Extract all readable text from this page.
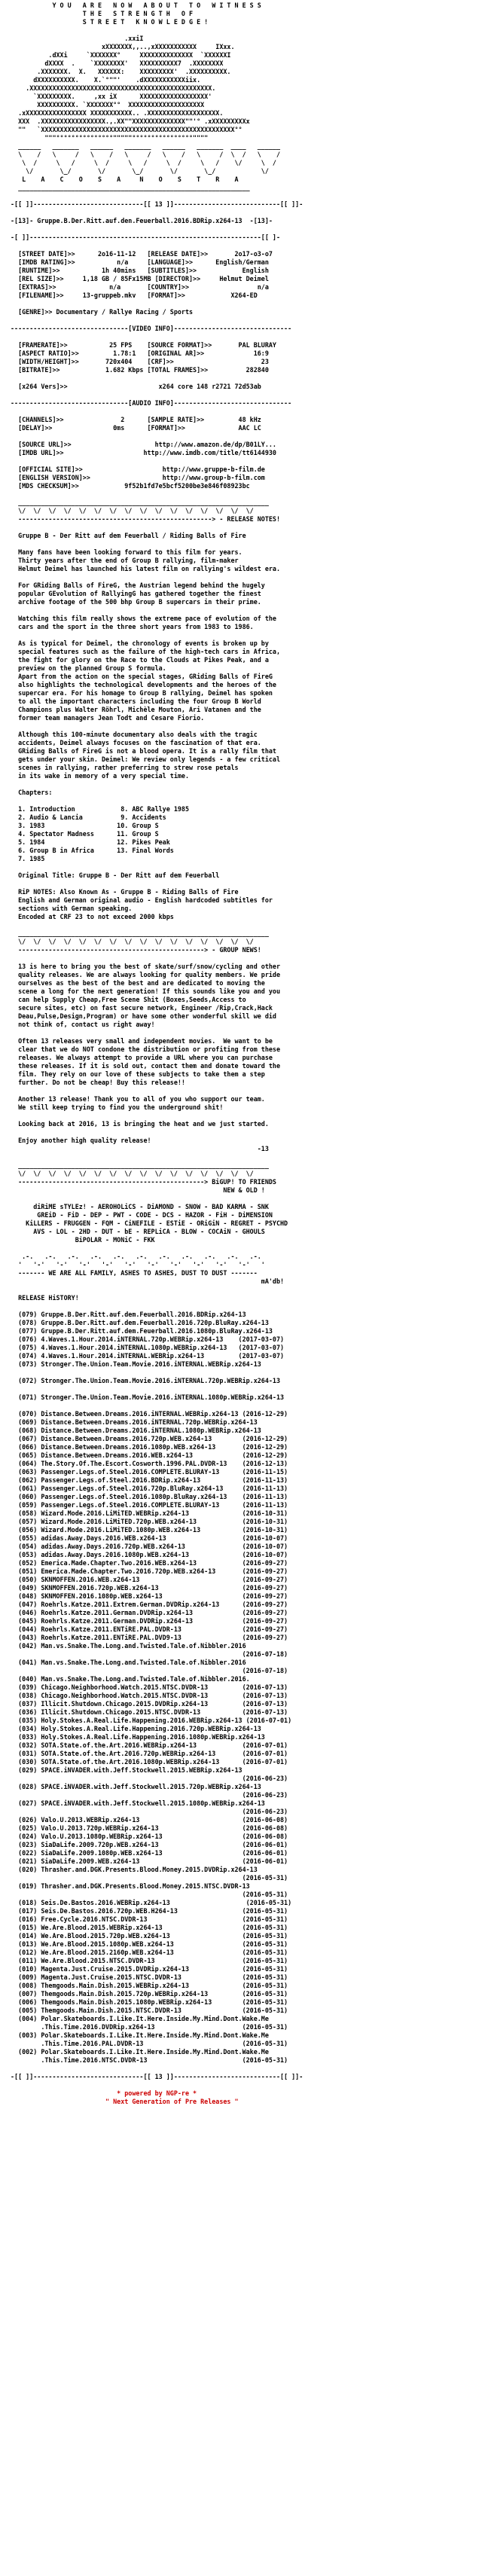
Y O U   A R E   N O W   A B O U T   T O   W I T N E S S
T H E   S T R E N G T H   O F
S T R E E T   K N O W L E D G E !
.xxiI
xXXXXXXX,,..,xXXXXXXXXXXX     IXxx.
.dXXi     `XXXXXXX°     XXXXXXXXXXXXXX  `XXXXXXI
dXXXX  .    `XXXXXXXX'   XXXXXXXXXX7  .XXXXXXXX
.XXXXXXX.  X.   XXXXXX:    XXXXXXXXX'  .XXXXXXXXXX.
dXXXXXXXXXX.    X.`°""'    .dXXXXXXXXXXXiix.
.XXXXXXXXXXXXXXXXXXXXXXXXXXXXXXXXXXXXXXXXXXXXXXXX.
`XXXXXXXXX.     ,xx iX      XXXXXXXXXXXXXXXXXX'
XXXXXXXXXX. `XXXXXXX°°  XXXXXXXXXXXXXXXXXXXX
.xXXXXXXXXXXXXXXXX XXXXXXXXXXX.. .XXXXXXXXXXXXXXXXXXX.
XXX  .XXXXXXXXXXXXXXXXX.,.XX""XXXXXXXXXXXXXX""'° .xXXXXXXXXXx
""   `XXXXXXXXXXXXXXXXXXXXXXXXXXXXXXXXXXXXXXXXXXXXXXXXXXX°°
"""°°°°°°°°°°°°°°°"""""°°°°°°°°°°°°°°°°""""
______   _______   ______   _______   ______   _______  ____   ______
\    /   \     /   \    /   \     /   \    /   \     /  \  /   \    /
\  /     \   /     \  /     \   /     \  /     \   /    \/     \  /
\/       \_/       \/       \_/       \/       \_/            \/
L    A    C    O    S    A     N    O    S    T    R    A
_____________________________________________________________
-[[ ]]-----------------------------[[ 13 ]]----------------------------[[ ]]-
-[13]- Gruppe.B.Der.Ritt.auf.den.Feuerball.2016.BDRip.x264-13  -[13]-
-[ ]]-------------------------------------------------------------[[ ]-
[STREET DATE]>>      2o16-11-12   [RELEASE DATE]>>       2o17-o3-o7
[IMDB RATING]>>           n/a     [LANGUAGE]>>      English/German
[RUNTIME]>>           1h 40mins   [SUBTITLES]>>            English
[REL SIZE]>>     1,18 GB / 85Fx15MB [DIRECTOR]>>     Helmut Deimel
[EXTRAS]>>              n/a       [COUNTRY]>>                  n/a
[FILENAME]>>     13-gruppeb.mkv   [FORMAT]>>            X264-ED
[GENRE]>> Documentary / Rallye Racing / Sports
-------------------------------[VIDEO INFO]-------------------------------
[FRAMERATE]>>           25 FPS    [SOURCE FORMAT]>>       PAL BLURAY
[ASPECT RATIO]>>         1.78:1   [ORIGINAL AR]>>             16:9
[WIDTH/HEIGHT]>>       720x404    [CRF]>>                       23
[BITRATE]>>            1.682 Kbps [TOTAL FRAMES]>>          282840
[x264 Vers]>>                        x264 core 148 r2721 72d53ab
-------------------------------[AUDIO INFO]-------------------------------
[CHANNELS]>>               2      [SAMPLE RATE]>>         48 kHz
[DELAY]>>                0ms      [FORMAT]>>              AAC LC
[SOURCE URL]>>                      http://www.amazon.de/dp/B01LY...
[IMDB URL]>>                     http://www.imdb.com/title/tt6144930
[OFFICIAL SITE]>>                     http://www.gruppe-b-film.de
[ENGLISH VERSION]>>                   http://www.group-b-film.com
[MDS CHECKSUM]>>            9f52b1fd7e5bcf5200be3e846f08923bc
__________________________________________________________________
\/  \/  \/  \/  \/  \/  \/  \/  \/  \/  \/  \/  \/  \/  \/  \/
---------------------------------------------------> - RELEASE NOTES!
Gruppe B - Der Ritt auf dem Feuerball / Riding Balls of Fire
Many fans have been looking forward to this film for years.
Thirty years after the end of Group B rallying, film-maker
Helmut Deimel has launched his latest film on rallying's wildest era.
For GRiding Balls of FireG, the Austrian legend behind the hugely
popular GEvolution of RallyingG has gathered together the finest
archive footage of the 500 bhp Group B supercars in their prime.
Watching this film really shows the extreme pace of evolution of the
cars and the sport in the three short years from 1983 to 1986.
As is typical for Deimel, the chronology of events is broken up by
special features such as the failure of the high-tech cars in Africa,
the fight for glory on the Race to the Clouds at Pikes Peak, and a
preview on the planned Group S formula.
Apart from the action on the special stages, GRiding Balls of FireG
also highlights the technological developments and the heroes of the
supercar era. For his homage to Group B rallying, Deimel has spoken
to all the important characters including the four Group B World
Champions plus Walter Röhrl, Michèle Mouton, Ari Vatanen and the
former team managers Jean Todt and Cesare Fiorio.
Although this 100-minute documentary also deals with the tragic
accidents, Deimel always focuses on the fascination of that era.
GRiding Balls of FireG is not a blood opera. It is a rally film that
gets under your skin. Deimel: We review only legends - a few critical
scenes in rallying, rather preferring to strew rose petals
in its wake in memory of a very special time.
Chapters:
1. Introduction            8. ABC Rallye 1985
2. Audio & Lancia          9. Accidents
3. 1983                   10. Group S
4. Spectator Madness      11. Group S
5. 1984                   12. Pikes Peak
6. Group B in Africa      13. Final Words
7. 1985
Original Title: Gruppe B - Der Ritt auf dem Feuerball
RiP NOTES: Also Known As - Gruppe B - Riding Balls of Fire
English and German original audio - English hardcoded subtitles for
sections with German speaking.
Encoded at CRF 23 to not exceed 2000 kbps
__________________________________________________________________
\/  \/  \/  \/  \/  \/  \/  \/  \/  \/  \/  \/  \/  \/  \/  \/
-------------------------------------------------> - GROUP NEWS!
13 is here to bring you the best of skate/surf/snow/cycling and other
quality releases. We are always looking for quality members. We pride
ourselves as the best of the best and are dedicated to moving the
scene a long for the next generation! If this sounds like you and you
can help Supply Cheap,Free Scene Shit (Boxes,Seeds,Access to
secure sites, etc) on fast secure network, Engineer /Rip,Crack,Hack
Deau,Pulse,Design,Program) or have some other wonderful skill we did
not think of, contact us right away!
Often 13 releases very small and independent movies.  We want to be
clear that we do NOT condone the distribution or profiting from these
releases. We always attempt to provide a URL where you can purchase
these releases. If it is sold out, contact them and donate toward the
film. They rely on our love of these subjects to take them a step
further. Do not be cheap! Buy this release!!
Another 13 release! Thank you to all of you who support our team.
We still keep trying to find you the underground shit!
Looking back at 2016, 13 is bringing the heat and we just started.
Enjoy another high quality release!
-13
__________________________________________________________________
\/  \/  \/  \/  \/  \/  \/  \/  \/  \/  \/  \/  \/  \/  \/  \/
-------------------------------------------------> BiGUP! TO FRIENDS
NEW & OLD !
diRiME sTYLEz! - AEROHOLiCS - DiAMOND - SNOW - BAD KARMA - SNK
GREiD - FiD - DEP - PWT - CODE - DCS - HAZOR - FiH - DiMENSION
KiLLERS - FRUGGEN - FQM - CiNEFILE - ESTiE - ORiGiN - REGRET - PSYCHD
AVS - LOL - 2HD - DUT - bE - REPLiCA - BLOW - COCAiN - GHOULS
BiPOLAR - MONiC - FKK
.-.   .-.   .-.   .-.   .-.   .-.   .-.   .-.   .-.   .-.   .-.
'   '-'   '-'   '-'   '-'   '-'   '-'   '-'   '-'   '-'   '-'   '
------- WE ARE ALL FAMILY, ASHES TO ASHES, DUST TO DUST -------
mA'db!
RELEASE HiSTORY!
(079) Gruppe.B.Der.Ritt.auf.dem.Feuerball.2016.BDRip.x264-13
(078) Gruppe.B.Der.Ritt.auf.dem.Feuerball.2016.720p.BluRay.x264-13
(077) Gruppe.B.Der.Ritt.auf.dem.Feuerball.2016.1080p.BluRay.x264-13
(076) 4.Waves.1.Hour.2014.iNTERNAL.720p.WEBRip.x264-13    (2017-03-07)
(075) 4.Waves.1.Hour.2014.iNTERNAL.1080p.WEBRip.x264-13   (2017-03-07)
(074) 4.Waves.1.Hour.2014.iNTERNAL.WEBRip.x264-13         (2017-03-07)
(073) Stronger.The.Union.Team.Movie.2016.iNTERNAL.WEBRip.x264-13
(072) Stronger.The.Union.Team.Movie.2016.iNTERNAL.720p.WEBRip.x264-13
(071) Stronger.The.Union.Team.Movie.2016.iNTERNAL.1080p.WEBRip.x264-13
(070) Distance.Between.Dreams.2016.iNTERNAL.WEBRip.x264-13 (2016-12-29)
(069) Distance.Between.Dreams.2016.iNTERNAL.720p.WEBRip.x264-13
(068) Distance.Between.Dreams.2016.iNTERNAL.1080p.WEBRip.x264-13
(067) Distance.Between.Dreams.2016.720p.WEB.x264-13        (2016-12-29)
(066) Distance.Between.Dreams.2016.1080p.WEB.x264-13       (2016-12-29)
(065) Distance.Between.Dreams.2016.WEB.x264-13             (2016-12-29)
(064) The.Story.Of.The.Escort.Cosworth.1996.PAL.DVDR-13    (2016-12-13)
(063) Passenger.Legs.of.Steel.2016.COMPLETE.BLURAY-13      (2016-11-15)
(062) Passenger.Legs.of.Steel.2016.BDRip.x264-13           (2016-11-13)
(061) Passenger.Legs.of.Steel.2016.720p.BluRay.x264-13     (2016-11-13)
(060) Passenger.Legs.of.Steel.2016.1080p.BluRay.x264-13    (2016-11-13)
(059) Passenger.Legs.of.Steel.2016.COMPLETE.BLURAY-13      (2016-11-13)
(058) Wizard.Mode.2016.LiMiTED.WEBRip.x264-13              (2016-10-31)
(057) Wizard.Mode.2016.LiMiTED.720p.WEB.x264-13            (2016-10-31)
(056) Wizard.Mode.2016.LiMiTED.1080p.WEB.x264-13           (2016-10-31)
(055) adidas.Away.Days.2016.WEB.x264-13                    (2016-10-07)
(054) adidas.Away.Days.2016.720p.WEB.x264-13               (2016-10-07)
(053) adidas.Away.Days.2016.1080p.WEB.x264-13              (2016-10-07)
(052) Emerica.Made.Chapter.Two.2016.WEB.x264-13            (2016-09-27)
(051) Emerica.Made.Chapter.Two.2016.720p.WEB.x264-13       (2016-09-27)
(050) SKNMOFFEN.2016.WEB.x264-13                           (2016-09-27)
(049) SKNMOFFEN.2016.720p.WEB.x264-13                      (2016-09-27)
(048) SKNMOFFEN.2016.1080p.WEB.x264-13                     (2016-09-27)
(047) Roehrls.Katze.2011.Extrem.German.DVDRip.x264-13      (2016-09-27)
(046) Roehrls.Katze.2011.German.DVDRip.x264-13             (2016-09-27)
(045) Roehrls.Katze.2011.German.DVDRip.x264-13             (2016-09-27)
(044) Roehrls.Katze.2011.ENTiRE.PAL.DVDR-13                (2016-09-27)
(043) Roehrls.Katze.2011.ENTiRE.PAL.DVD9-13                (2016-09-27)
(042) Man.vs.Snake.The.Long.and.Twisted.Tale.of.Nibbler.2016
(2016-07-18)
(041) Man.vs.Snake.The.Long.and.Twisted.Tale.of.Nibbler.2016
(2016-07-18)
(040) Man.vs.Snake.The.Long.and.Twisted.Tale.of.Nibbler.2016.
(039) Chicago.Neighborhood.Watch.2015.NTSC.DVDR-13         (2016-07-13)
(038) Chicago.Neighborhood.Watch.2015.NTSC.DVDR-13         (2016-07-13)
(037) Illicit.Shutdown.Chicago.2015.DVDRip.x264-13         (2016-07-13)
(036) Illicit.Shutdown.Chicago.2015.NTSC.DVDR-13           (2016-07-13)
(035) Holy.Stokes.A.Real.Life.Happening.2016.WEBRip.x264-13 (2016-07-01)
(034) Holy.Stokes.A.Real.Life.Happening.2016.720p.WEBRip.x264-13
(033) Holy.Stokes.A.Real.Life.Happening.2016.1080p.WEBRip.x264-13
(032) SOTA.State.of.the.Art.2016.WEBRip.x264-13            (2016-07-01)
(031) SOTA.State.of.the.Art.2016.720p.WEBRip.x264-13       (2016-07-01)
(030) SOTA.State.of.the.Art.2016.1080p.WEBRip.x264-13      (2016-07-01)
(029) SPACE.iNVADER.with.Jeff.Stockwell.2015.WEBRip.x264-13
(2016-06-23)
(028) SPACE.iNVADER.with.Jeff.Stockwell.2015.720p.WEBRip.x264-13
(2016-06-23)
(027) SPACE.iNVADER.with.Jeff.Stockwell.2015.1080p.WEBRip.x264-13
(2016-06-23)
(026) Valo.U.2013.WEBRip.x264-13                           (2016-06-08)
(025) Valo.U.2013.720p.WEBRip.x264-13                      (2016-06-08)
(024) Valo.U.2013.1080p.WEBRip.x264-13                     (2016-06-08)
(023) SiaDaLife.2009.720p.WEB.x264-13                      (2016-06-01)
(022) SiaDaLife.2009.1080p.WEB.x264-13                     (2016-06-01)
(021) SiaDaLife.2009.WEB.x264-13                           (2016-06-01)
(020) Thrasher.and.DGK.Presents.Blood.Money.2015.DVDRip.x264-13
(2016-05-31)
(019) Thrasher.and.DGK.Presents.Blood.Money.2015.NTSC.DVDR-13
(2016-05-31)
(018) Seis.De.Bastos.2016.WEBRip.x264-13                    (2016-05-31)
(017) Seis.De.Bastos.2016.720p.WEB.H264-13                 (2016-05-31)
(016) Free.Cycle.2016.NTSC.DVDR-13                         (2016-05-31)
(015) We.Are.Blood.2015.WEBRip.x264-13                     (2016-05-31)
(014) We.Are.Blood.2015.720p.WEB.x264-13                   (2016-05-31)
(013) We.Are.Blood.2015.1080p.WEB.x264-13                  (2016-05-31)
(012) We.Are.Blood.2015.2160p.WEB.x264-13                  (2016-05-31)
(011) We.Are.Blood.2015.NTSC.DVDR-13                       (2016-05-31)
(010) Magenta.Just.Cruise.2015.DVDRip.x264-13              (2016-05-31)
(009) Magenta.Just.Cruise.2015.NTSC.DVDR-13                (2016-05-31)
(008) Themgoods.Main.Dish.2015.WEBRip.x264-13              (2016-05-31)
(007) Themgoods.Main.Dish.2015.720p.WEBRip.x264-13         (2016-05-31)
(006) Themgoods.Main.Dish.2015.1080p.WEBRip.x264-13        (2016-05-31)
(005) Themgoods.Main.Dish.2015.NTSC.DVDR-13                (2016-05-31)
(004) Polar.Skateboards.I.Like.It.Here.Inside.My.Mind.Dont.Wake.Me
.This.Time.2016.DVDRip.x264-13                       (2016-05-31)
(003) Polar.Skateboards.I.Like.It.Here.Inside.My.Mind.Dont.Wake.Me
.This.Time.2016.PAL.DVDR-13                          (2016-05-31)
(002) Polar.Skateboards.I.Like.It.Here.Inside.My.Mind.Dont.Wake.Me
.This.Time.2016.NTSC.DVDR-13                         (2016-05-31)
-[[ ]]-----------------------------[[ 13 ]]----------------------------[[ ]]-
* powered by NGP-re *
" Next Generation of Pre Releases "
